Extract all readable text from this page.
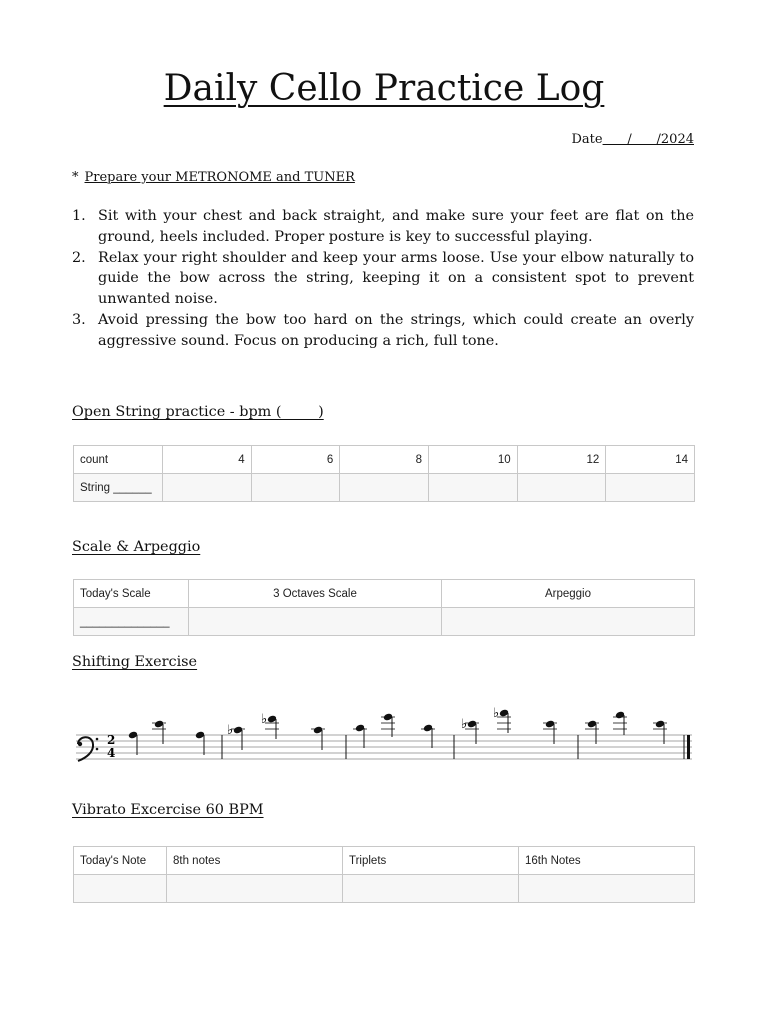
Daily Cello Practice Log
Date      /      /2024
* Prepare your METRONOME and TUNER
1. Sit with your chest and back straight, and make sure your feet are flat on the ground, heels included. Proper posture is key to successful playing.
2. Relax your right shoulder and keep your arms loose. Use your elbow naturally to guide the bow across the string, keeping it on a consistent spot to prevent unwanted noise.
3. Avoid pressing the bow too hard on the strings, which could create an overly aggressive sound. Focus on producing a rich, full tone.
Open String practice - bpm (        )
count	4	6	8	10	12	14
String ______						
Scale & Arpeggio
Today's Scale	3 Octaves Scale	Arpeggio
______________		
Shifting Exercise
2
4
♭
♭	♭
♭
Vibrato Excercise 60 BPM
Today's Note	8th notes	Triplets	16th Notes
